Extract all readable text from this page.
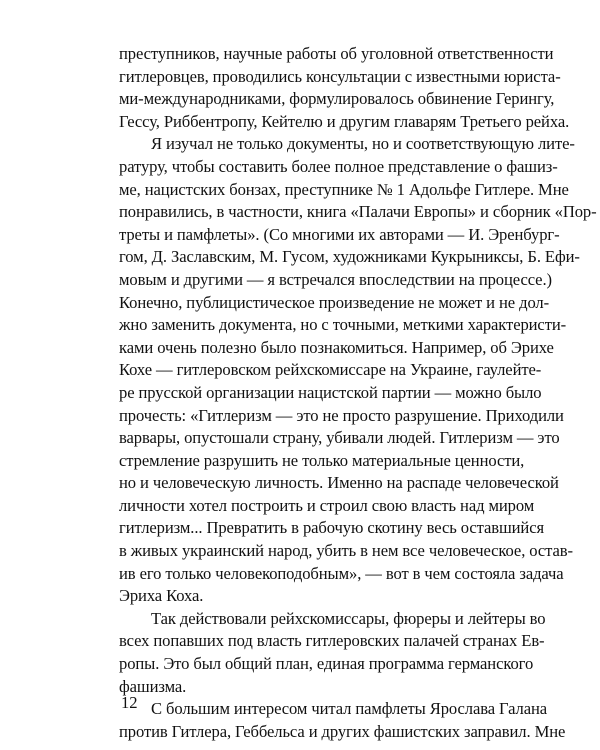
преступников, научные работы об уголовной ответственности
гитлеровцев, проводились консультации с известными юриста-
ми-международниками, формулировалось обвинение Герингу,
Гессу, Риббентропу, Кейтелю и другим главарям Третьего рейха.
Я изучал не только документы, но и соответствующую лите-
ратуру, чтобы составить более полное представление о фашиз-
ме, нацистских бонзах, преступнике № 1 Адольфе Гитлере. Мне
понравились, в частности, книга «Палачи Европы» и сборник «Пор-
треты и памфлеты». (Со многими их авторами — И. Эренбург-
гом, Д. Заславским, М. Гусом, художниками Кукрыниксы, Б. Ефи-
мовым и другими — я встречался впоследствии на процессе.)
Конечно, публицистическое произведение не может и не дол-
жно заменить документа, но с точными, меткими характеристи-
ками очень полезно было познакомиться. Например, об Эрихе
Кохе — гитлеровском рейхскомиссаре на Украине, гаулейте-
ре прусской организации нацистской партии — можно было
прочесть: «Гитлеризм — это не просто разрушение. Приходили
варвары, опустошали страну, убивали людей. Гитлеризм — это
стремление разрушить не только материальные ценности,
но и человеческую личность. Именно на распаде человеческой
личности хотел построить и строил свою власть над миром
гитлеризм... Превратить в рабочую скотину весь оставшийся
в живых украинский народ, убить в нем все человеческое, остав-
ив его только человекоподобным», — вот в чем состояла задача
Эриха Коха.
Так действовали рейхскомиссары, фюреры и лейтеры во
всех попавших под власть гитлеровских палачей странах Ев-
ропы. Это был общий план, единая программа германского
фашизма.
С большим интересом читал памфлеты Ярослава Галана
против Гитлера, Геббельса и других фашистских заправил. Мне
12
